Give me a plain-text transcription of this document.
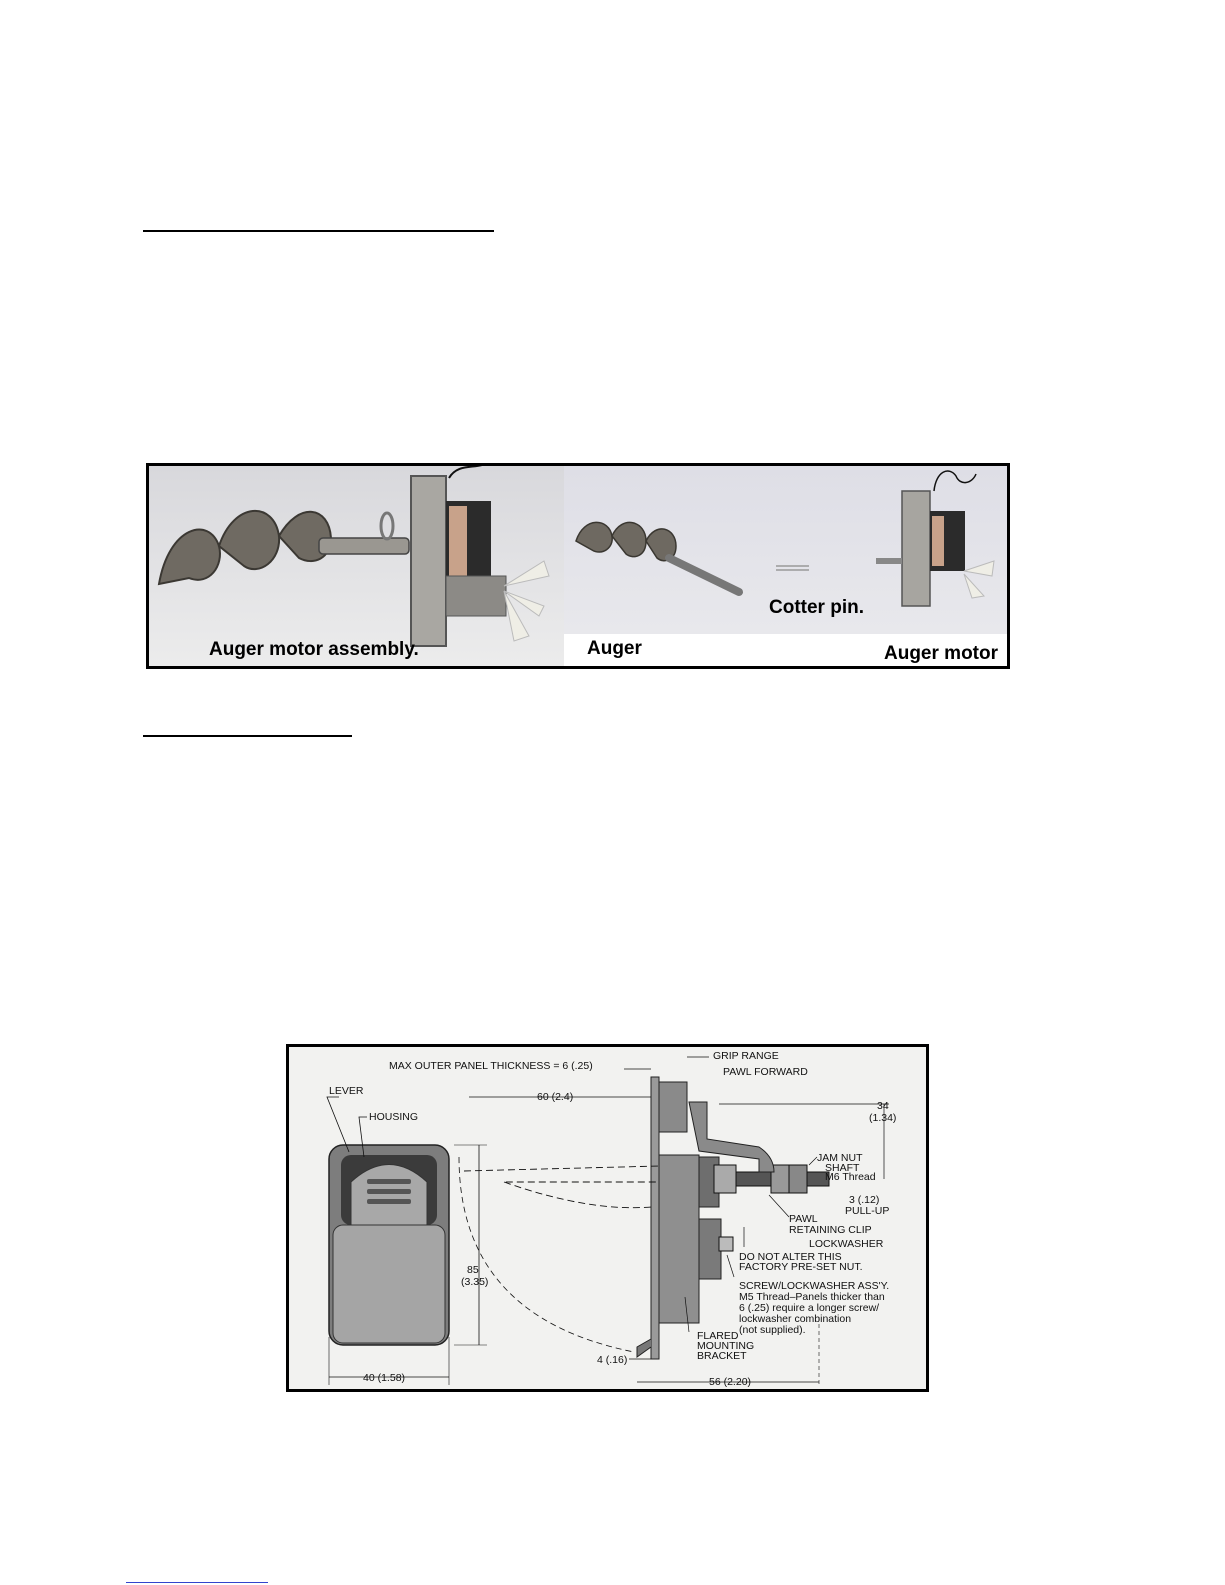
Auger motor assembly.	Auger
Cotter pin.
Auger motor
MAX OUTER PANEL THICKNESS = 6 (.25)
GRIP RANGE
PAWL FORWARD
LEVER
HOUSING
60 (2.4)
34
(1.34)
JAM NUT
SHAFT
M6 Thread
3 (.12)
PULL-UP
PAWL
RETAINING CLIP
LOCKWASHER
DO NOT ALTER THIS
FACTORY PRE-SET NUT.
SCREW/LOCKWASHER ASS'Y.
M5 Thread–Panels thicker than
6 (.25) require a longer screw/
lockwasher combination
(not supplied).
85
(3.35)
FLARED
MOUNTING
BRACKET
4 (.16)
40 (1.58)	56 (2.20)
